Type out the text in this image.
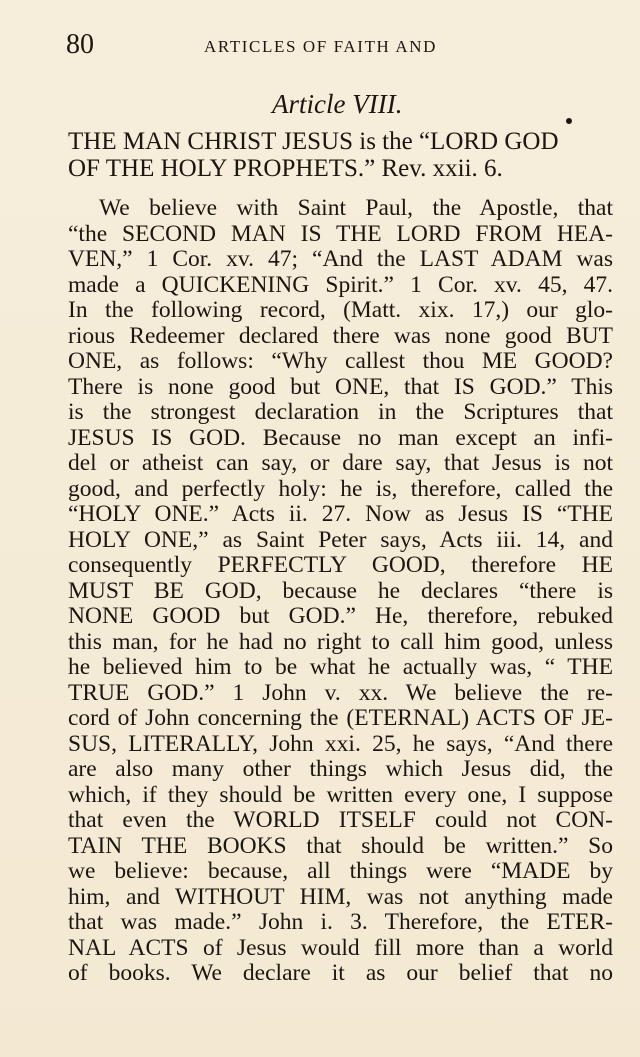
80	ARTICLES OF FAITH AND
Article VIII.
THE MAN CHRIST JESUS is the “LORD GOD
OF THE HOLY PROPHETS.” Rev. xxii. 6.
We believe with Saint Paul, the Apostle, that
“the SECOND MAN IS THE LORD FROM HEA-
VEN,” 1 Cor. xv. 47; “And the LAST ADAM was
made a QUICKENING Spirit.” 1 Cor. xv. 45, 47.
In the following record, (Matt. xix. 17,) our glo-
rious Redeemer declared there was none good BUT
ONE, as follows: “Why callest thou ME GOOD?
There is none good but ONE, that IS GOD.” This
is the strongest declaration in the Scriptures that
JESUS IS GOD. Because no man except an infi-
del or atheist can say, or dare say, that Jesus is not
good, and perfectly holy: he is, therefore, called the
“HOLY ONE.” Acts ii. 27. Now as Jesus IS “THE
HOLY ONE,” as Saint Peter says, Acts iii. 14, and
consequently PERFECTLY GOOD, therefore HE
MUST BE GOD, because he declares “there is
NONE GOOD but GOD.” He, therefore, rebuked
this man, for he had no right to call him good, unless
he believed him to be what he actually was, “ THE
TRUE GOD.” 1 John v. xx. We believe the re-
cord of John concerning the (ETERNAL) ACTS OF JE-
SUS, LITERALLY, John xxi. 25, he says, “And there
are also many other things which Jesus did, the
which, if they should be written every one, I suppose
that even the WORLD ITSELF could not CON-
TAIN THE BOOKS that should be written.” So
we believe: because, all things were “MADE by
him, and WITHOUT HIM, was not anything made
that was made.” John i. 3. Therefore, the ETER-
NAL ACTS of Jesus would fill more than a world
of books. We declare it as our belief that no
